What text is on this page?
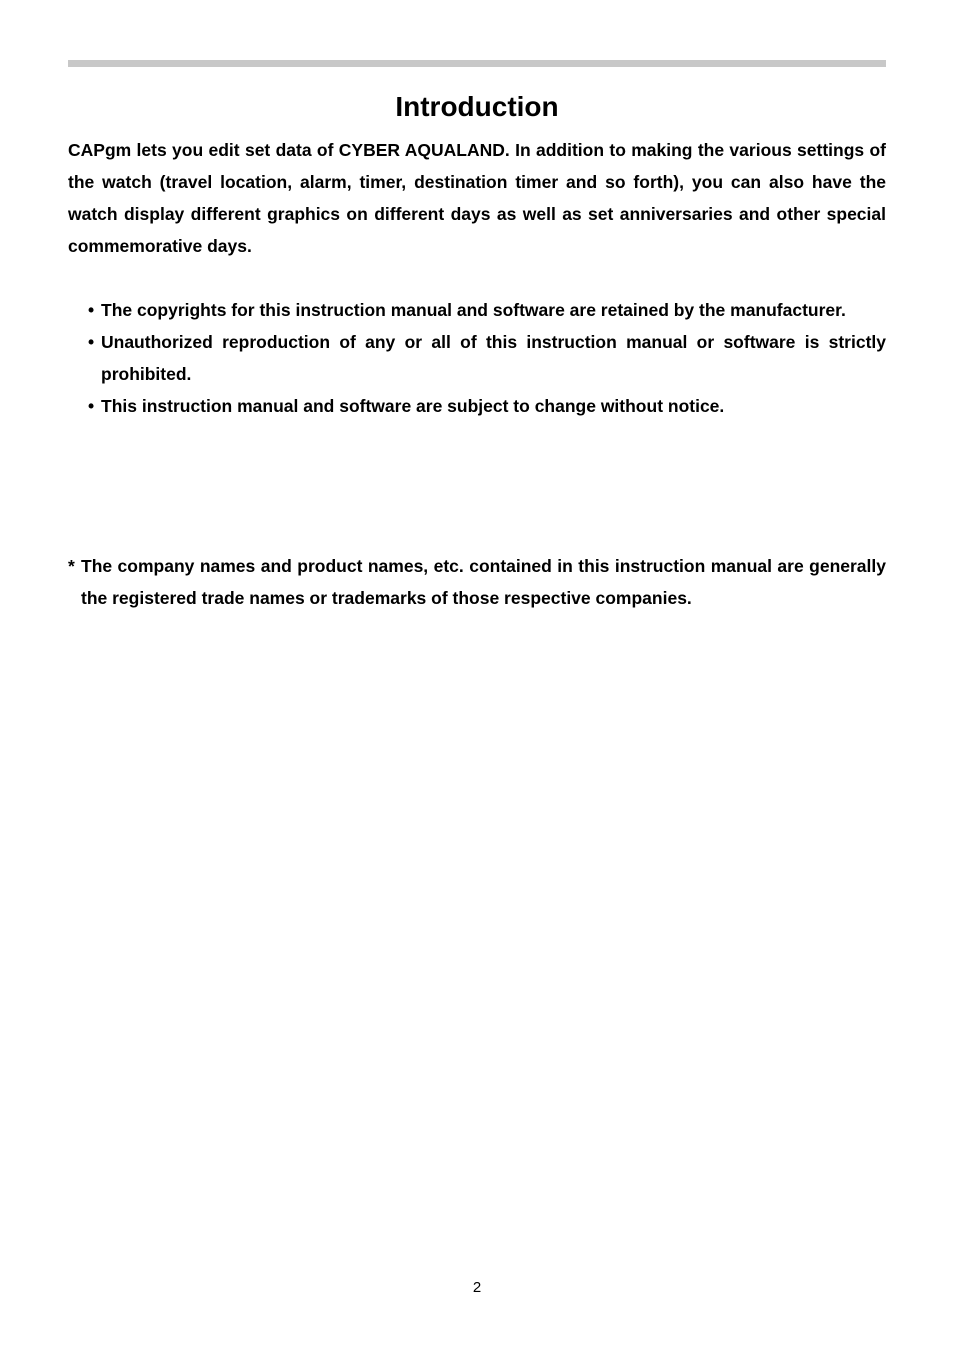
Introduction

CAPgm lets you edit set data of CYBER AQUALAND. In addition to making the various settings of the watch (travel location, alarm, timer, destination timer and so forth), you can also have the watch display different graphics on different days as well as set anniversaries and other special commemorative days.

• The copyrights for this instruction manual and software are retained by the manufacturer.
• Unauthorized reproduction of any or all of this instruction manual or software is strictly prohibited.
• This instruction manual and software are subject to change without notice.
* The company names and product names, etc. contained in this instruction manual are generally the registered trade names or trademarks of those respective companies.
2
